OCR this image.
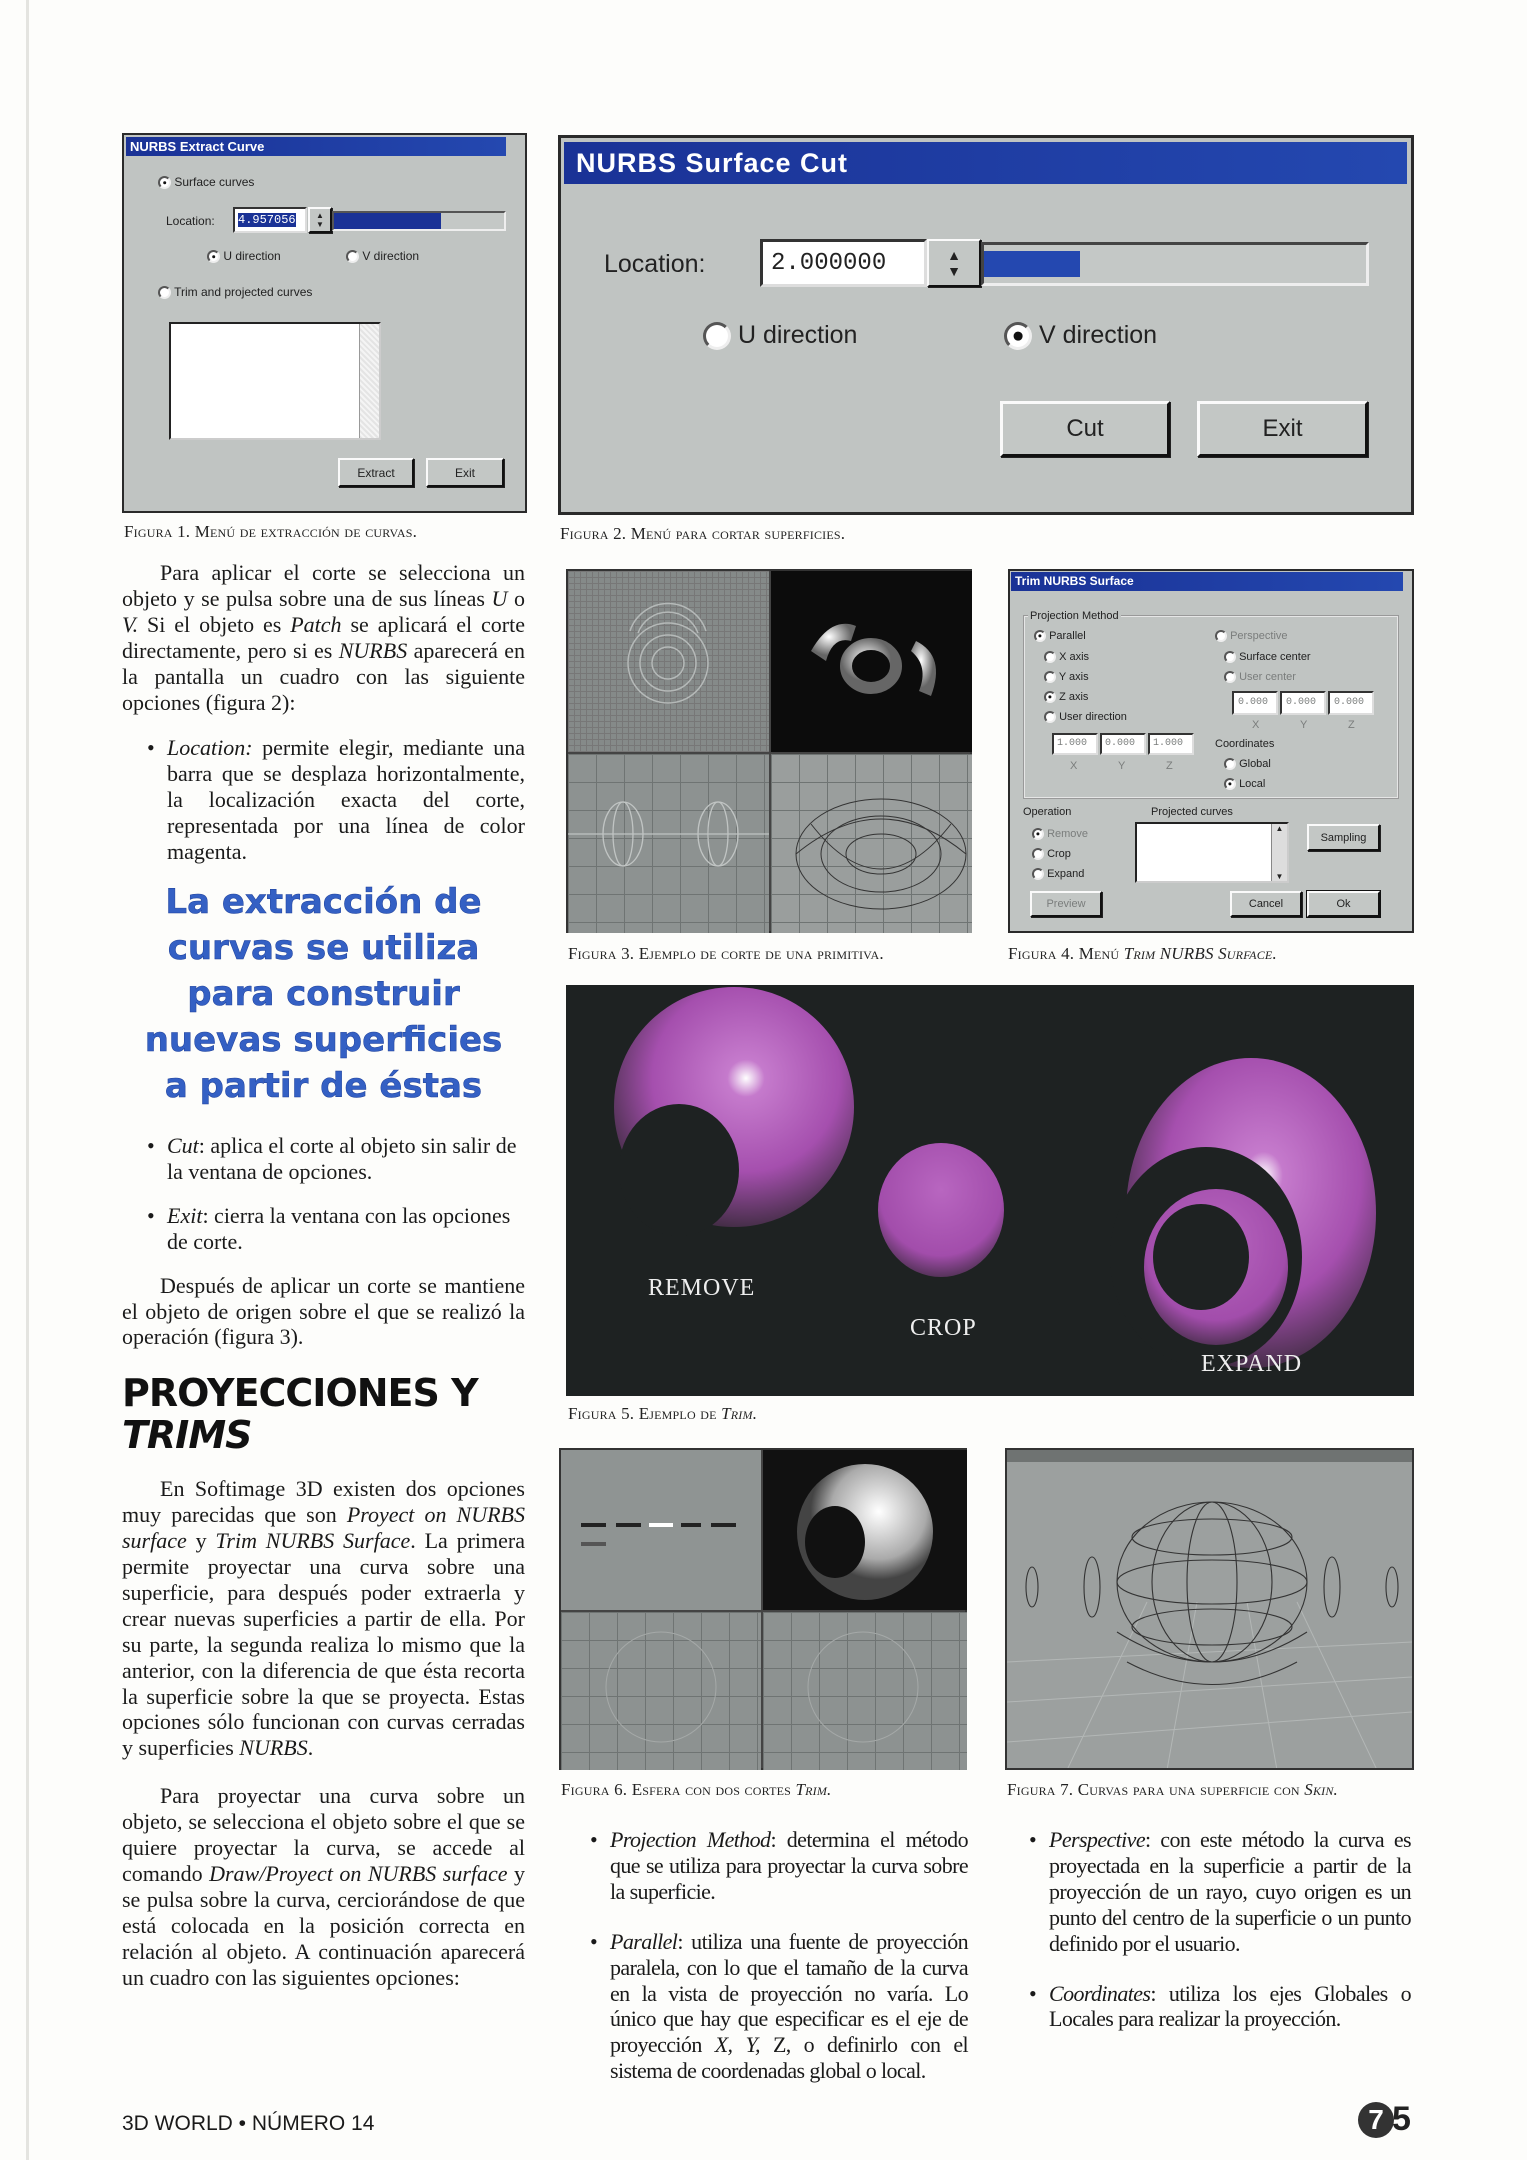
NURBS Extract Curve
Surface curves
Location:	4.957056	▲
▼
U direction	V direction
Trim and projected curves
Extract	Exit
Figura 1. Menú de extracción de curvas.
NURBS Surface Cut
Location:	2.000000	▲
▼
U direction	V direction
Cut	Exit
Figura 2. Menú para cortar superficies.

Para aplicar el corte se selecciona un objeto y se pulsa sobre una de sus líneas U o V. Si el objeto es Patch se aplicará el corte directamente, pero si es NURBS aparecerá en la pantalla un cuadro con las siguiente opciones (figura 2):

• Location: permite elegir, mediante una barra que se desplaza horizontalmente, la localización exacta del corte, representada por una línea de color magenta.

La extracción de
curvas se utiliza
para construir
nuevas superficies
a partir de éstas

• Cut: aplica el corte al objeto sin salir de la ventana de opciones.

• Exit: cierra la ventana con las opciones de corte.

Después de aplicar un corte se mantiene el objeto de origen sobre el que se realizó la operación (figura 3).

PROYECCIONES Y
TRIMS

En Softimage 3D existen dos opciones muy parecidas que son Proyect on NURBS surface y Trim NURBS Surface. La primera permite proyectar una curva sobre una superficie, para después poder extraerla y crear nuevas superficies a partir de ella. Por su parte, la segunda realiza lo mismo que la anterior, con la diferencia de que ésta recorta la superficie sobre la que se proyecta. Estas opciones sólo funcionan con curvas cerradas y superficies NURBS.

Para proyectar una curva sobre un objeto, se selecciona el objeto sobre el que se quiere proyectar la curva, se accede al comando Draw/Proyect on NURBS surface y se pulsa sobre la curva, cerciorándose de que está colocada en la posición correcta en relación al objeto. A continuación aparecerá un cuadro con las siguientes opciones:

Figura 3. Ejemplo de corte de una primitiva.
Trim NURBS Surface
Projection Method
Parallel
X axis
Y axis
Z axis
User direction
1.000	0.000	1.000
X	Y	Z
Perspective
Surface center
User center
0.000	0.000	0.000
X	Y	Z
Coordinates
Global
Local
Operation
Remove
Crop
Expand
Projected curves
▲
▼
Sampling
Preview	Cancel	Ok
Figura 4. Menú Trim NURBS Surface.
REMOVE
CROP
EXPAND
Figura 5. Ejemplo de Trim.
Figura 6. Esfera con dos cortes Trim.	Figura 7. Curvas para una superficie con Skin.

• Projection Method: determina el método que se utiliza para proyectar la curva sobre la superficie.

• Parallel: utiliza una fuente de proyección paralela, con lo que el tamaño de la curva en la vista de proyección no varía. Lo único que hay que especificar es el eje de proyección X, Y, Z, o definirlo con el sistema de coordenadas global o local.

• Perspective: con este método la curva es proyectada en la superficie a partir de la proyección de un rayo, cuyo origen es un punto del centro de la superficie o un punto definido por el usuario.

• Coordinates: utiliza los ejes Globales o Locales para realizar la proyección.

3D WORLD • NÚMERO 14	7 5
